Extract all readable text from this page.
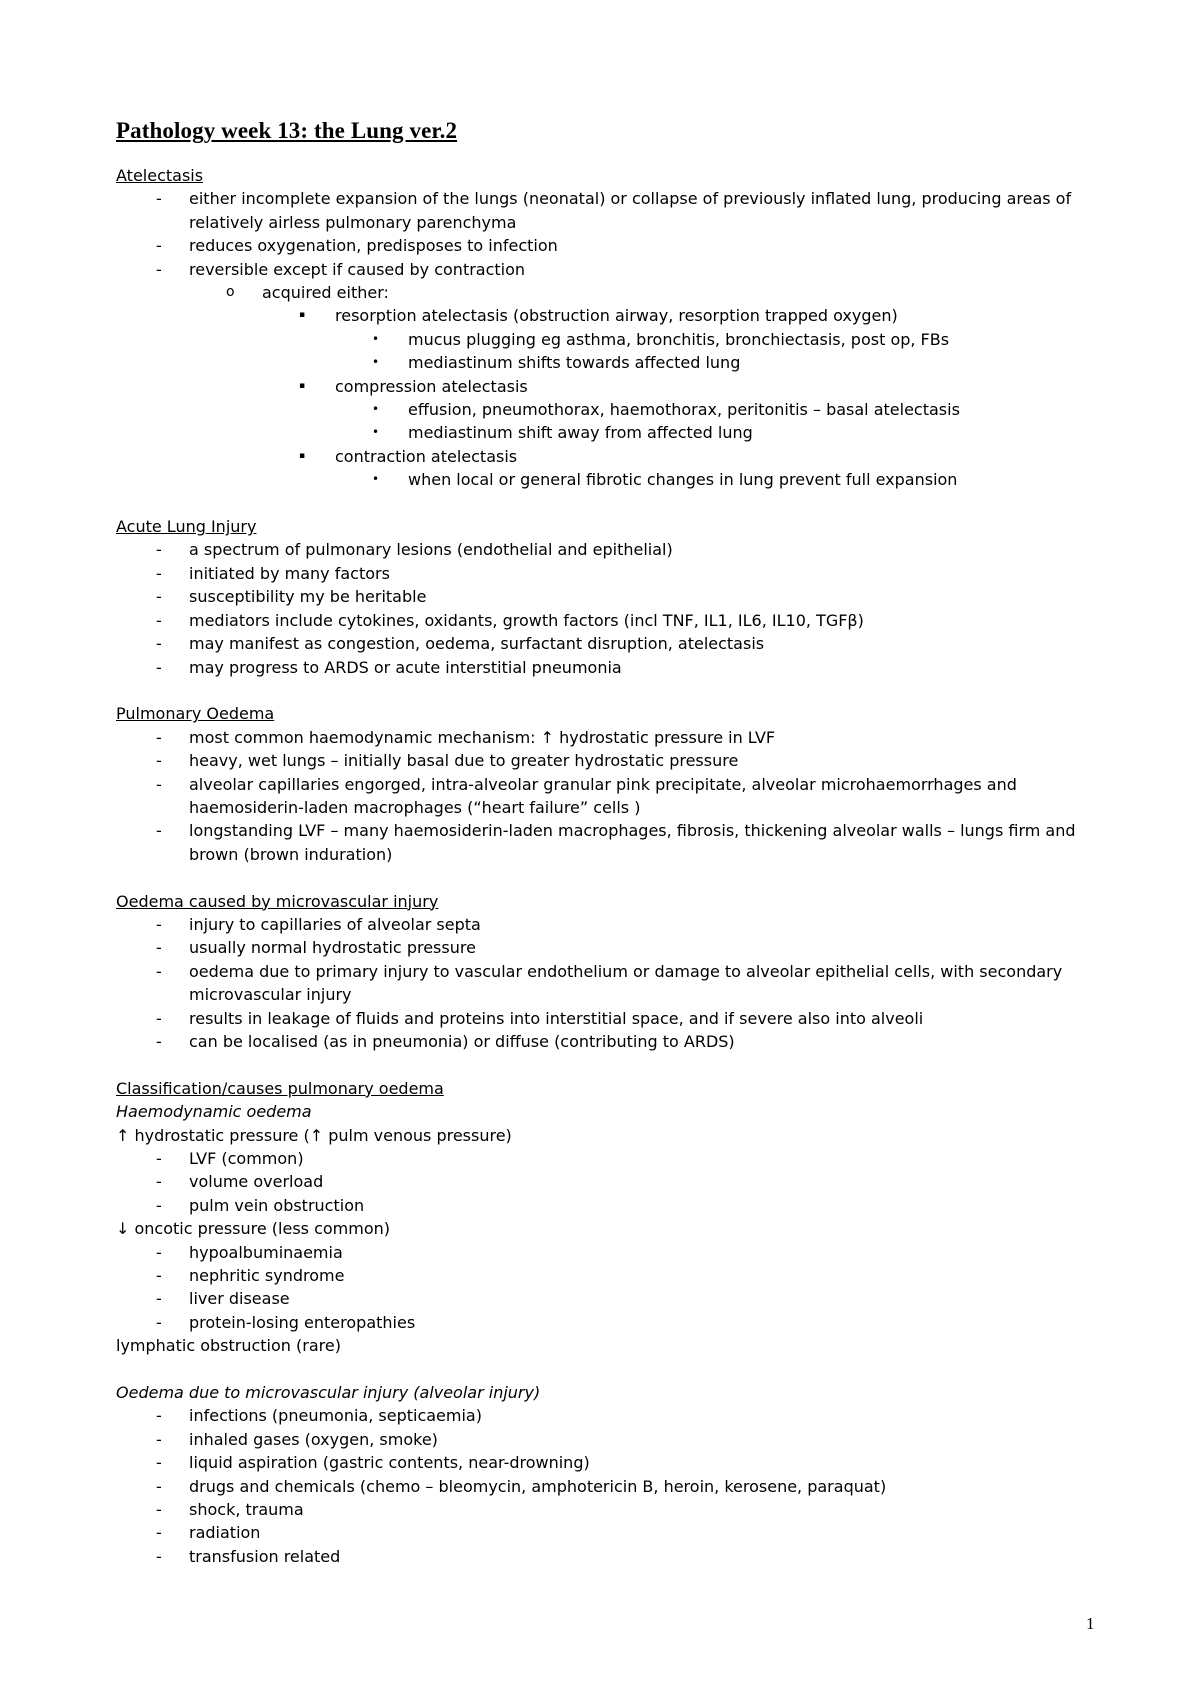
Pathology week 13: the Lung ver.2
Atelectasis
- either incomplete expansion of the lungs (neonatal) or collapse of previously inflated lung, producing areas of relatively airless pulmonary parenchyma
- reduces oxygenation, predisposes to infection
- reversible except if caused by contraction
o acquired either:
▪ resorption atelectasis (obstruction airway, resorption trapped oxygen)
• mucus plugging eg asthma, bronchitis, bronchiectasis, post op, FBs
• mediastinum shifts towards affected lung
▪ compression atelectasis
• effusion, pneumothorax, haemothorax, peritonitis – basal atelectasis
• mediastinum shift away from affected lung
▪ contraction atelectasis
• when local or general fibrotic changes in lung prevent full expansion
Acute Lung Injury
- a spectrum of pulmonary lesions (endothelial and epithelial)
- initiated by many factors
- susceptibility my be heritable
- mediators include cytokines, oxidants, growth factors (incl TNF, IL1, IL6, IL10, TGFβ)
- may manifest as congestion, oedema, surfactant disruption, atelectasis
- may progress to ARDS or acute interstitial pneumonia
Pulmonary Oedema
- most common haemodynamic mechanism: ↑ hydrostatic pressure in LVF
- heavy, wet lungs – initially basal due to greater hydrostatic pressure
- alveolar capillaries engorged, intra-alveolar granular pink precipitate, alveolar microhaemorrhages and haemosiderin-laden macrophages (“heart failure” cells )
- longstanding LVF – many haemosiderin-laden macrophages, fibrosis, thickening alveolar walls – lungs firm and brown (brown induration)
Oedema caused by microvascular injury
- injury to capillaries of alveolar septa
- usually normal hydrostatic pressure
- oedema due to primary injury to vascular endothelium or damage to alveolar epithelial cells, with secondary microvascular injury
- results in leakage of fluids and proteins into interstitial space, and if severe also into alveoli
- can be localised (as in pneumonia) or diffuse (contributing to ARDS)
Classification/causes pulmonary oedema
Haemodynamic oedema
↑ hydrostatic pressure (↑ pulm venous pressure)
- LVF (common)
- volume overload
- pulm vein obstruction
↓ oncotic pressure (less common)
- hypoalbuminaemia
- nephritic syndrome
- liver disease
- protein-losing enteropathies
lymphatic obstruction (rare)
Oedema due to microvascular injury (alveolar injury)
- infections (pneumonia, septicaemia)
- inhaled gases (oxygen, smoke)
- liquid aspiration (gastric contents, near-drowning)
- drugs and chemicals (chemo – bleomycin, amphotericin B, heroin, kerosene, paraquat)
- shock, trauma
- radiation
- transfusion related
1
